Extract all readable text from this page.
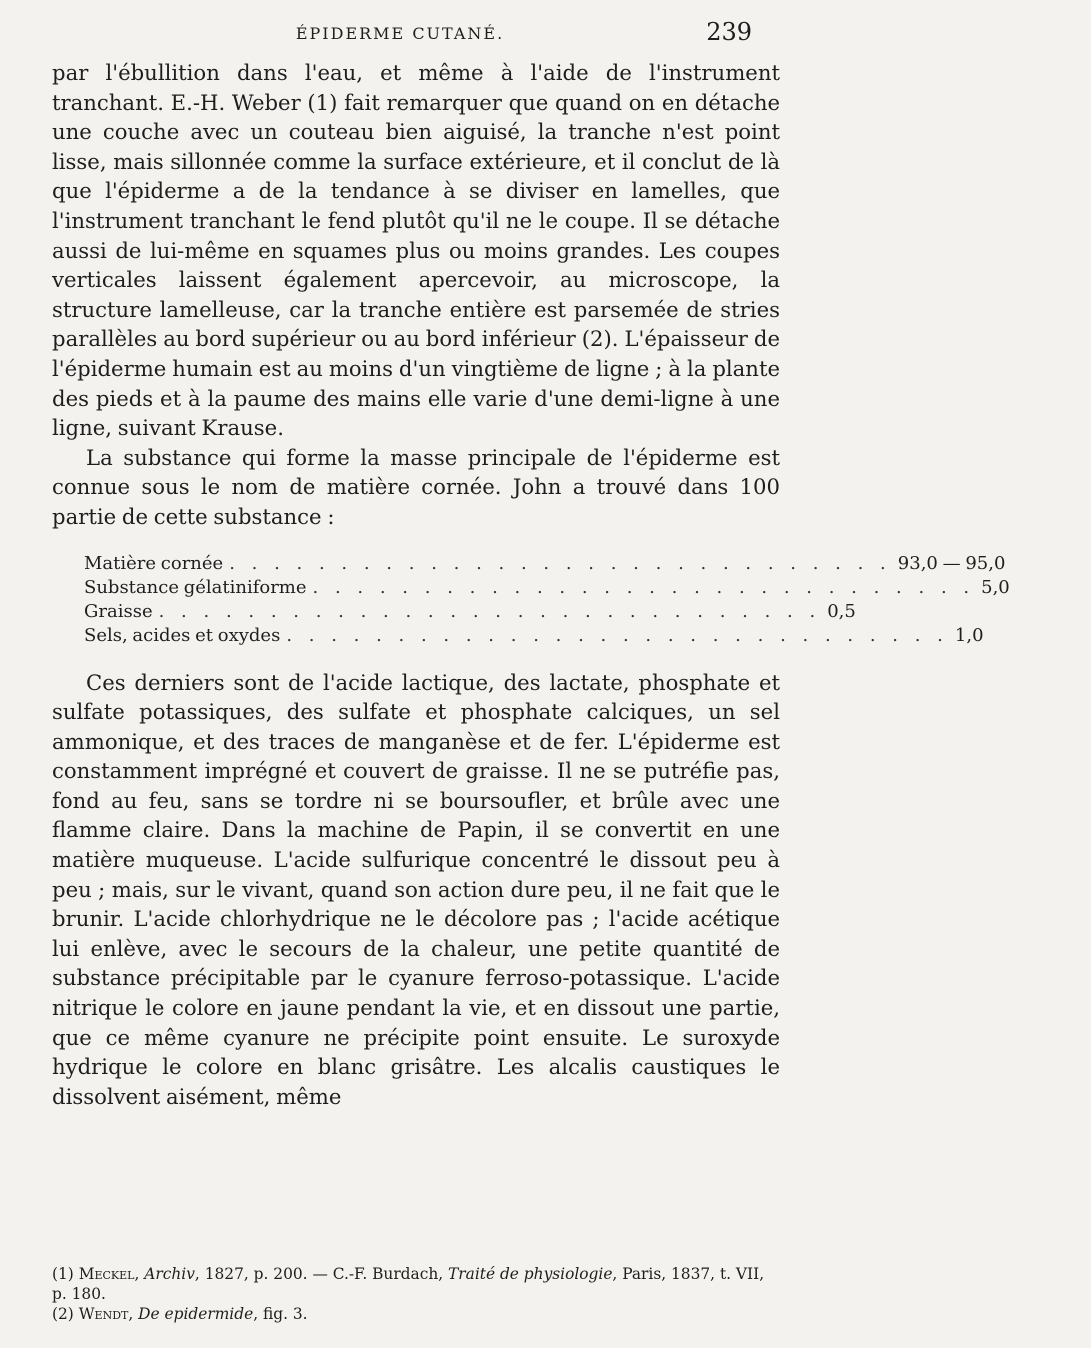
ÉPIDERME CUTANÉ.	239

par l'ébullition dans l'eau, et même à l'aide de l'instrument tranchant. E.-H. Weber (1) fait remarquer que quand on en détache une couche avec un couteau bien aiguisé, la tranche n'est point lisse, mais sillonnée comme la surface extérieure, et il conclut de là que l'épiderme a de la tendance à se diviser en lamelles, que l'instrument tranchant le fend plutôt qu'il ne le coupe. Il se détache aussi de lui-même en squames plus ou moins grandes. Les coupes verticales laissent également apercevoir, au microscope, la structure lamelleuse, car la tranche entière est parsemée de stries parallèles au bord supérieur ou au bord inférieur (2). L'épaisseur de l'épiderme humain est au moins d'un vingtième de ligne ; à la plante des pieds et à la paume des mains elle varie d'une demi-ligne à une ligne, suivant Krause.

La substance qui forme la masse principale de l'épiderme est connue sous le nom de matière cornée. John a trouvé dans 100 partie de cette substance :

Matière cornée . . . . . . . . . . . . . . . . . . . . . . . . . . . . . . 93,0 — 95,0
Substance gélatiniforme . . . . . . . . . . . . . . . . . . . . . . . . . . . . . . 5,0
Graisse . . . . . . . . . . . . . . . . . . . . . . . . . . . . . . 0,5
Sels, acides et oxydes . . . . . . . . . . . . . . . . . . . . . . . . . . . . . . 1,0

Ces derniers sont de l'acide lactique, des lactate, phosphate et sulfate potassiques, des sulfate et phosphate calciques, un sel ammonique, et des traces de manganèse et de fer. L'épiderme est constamment imprégné et couvert de graisse. Il ne se putréfie pas, fond au feu, sans se tordre ni se boursoufler, et brûle avec une flamme claire. Dans la machine de Papin, il se convertit en une matière muqueuse. L'acide sulfurique concentré le dissout peu à peu ; mais, sur le vivant, quand son action dure peu, il ne fait que le brunir. L'acide chlorhydrique ne le décolore pas ; l'acide acétique lui enlève, avec le secours de la chaleur, une petite quantité de substance précipitable par le cyanure ferroso-potassique. L'acide nitrique le colore en jaune pendant la vie, et en dissout une partie, que ce même cyanure ne précipite point ensuite. Le suroxyde hydrique le colore en blanc grisâtre. Les alcalis caustiques le dissolvent aisément, même

(1) Meckel, Archiv, 1827, p. 200. — C.-F. Burdach, Traité de physiologie, Paris, 1837, t. VII, p. 180.

(2) Wendt, De epidermide, fig. 3.
